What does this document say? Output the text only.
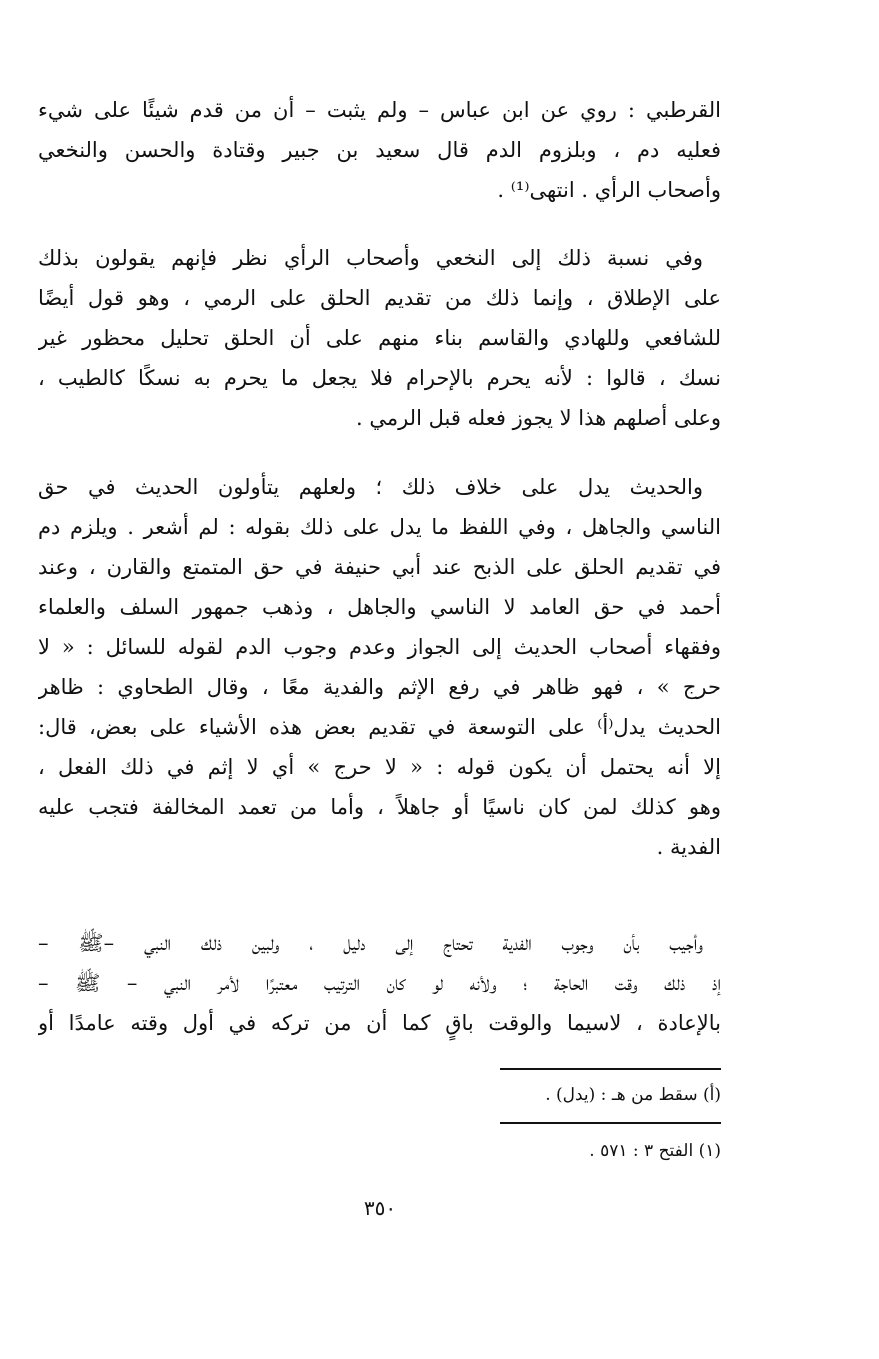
القرطبي : روي عن ابن عباس – ولم يثبت – أن من قدم شيئًا على شيء
فعليه دم ، وبلزوم الدم قال سعيد بن جبير وقتادة والحسن والنخعي
وأصحاب الرأي . انتهى⁽¹⁾ .
وفي نسبة ذلك إلى النخعي وأصحاب الرأي نظر فإنهم يقولون بذلك
على الإطلاق ، وإنما ذلك من تقديم الحلق على الرمي ، وهو قول أيضًا
للشافعي وللهادي والقاسم بناء منهم على أن الحلق تحليل محظور غير
نسك ، قالوا : لأنه يحرم بالإحرام فلا يجعل ما يحرم به نسكًا كالطيب ،
وعلى أصلهم هذا لا يجوز فعله قبل الرمي .
والحديث يدل على خلاف ذلك ؛ ولعلهم يتأولون الحديث في حق
الناسي والجاهل ، وفي اللفظ ما يدل على ذلك بقوله : لم أشعر . ويلزم دم
في تقديم الحلق على الذبح عند أبي حنيفة في حق المتمتع والقارن ، وعند
أحمد في حق العامد لا الناسي والجاهل ، وذهب جمهور السلف والعلماء
وفقهاء أصحاب الحديث إلى الجواز وعدم وجوب الدم لقوله للسائل : « لا
حرج » ، فهو ظاهر في رفع الإثم والفدية معًا ، وقال الطحاوي : ظاهر
الحديث يدل⁽أ⁾ على التوسعة في تقديم بعض هذه الأشياء على بعض، قال:
إلا أنه يحتمل أن يكون قوله : « لا حرج » أي لا إثم في ذلك الفعل ،
وهو كذلك لمن كان ناسيًا أو جاهلاً ، وأما من تعمد المخالفة فتجب عليه
الفدية .
وأجيب بأن وجوب الفدية تحتاج إلى دليل ، ولبين ذلك النبي –ﷺ –
إذ ذلك وقت الحاجة ؛ ولأنه لو كان الترتيب معتبرًا لأمر النبي – ﷺ –
بالإعادة ، لاسيما والوقت باقٍ كما أن من تركه في أول وقته عامدًا أو
(أ) سقط من هـ : (يدل) .
(١) الفتح ٣ : ٥٧١ .
٣٥٠
